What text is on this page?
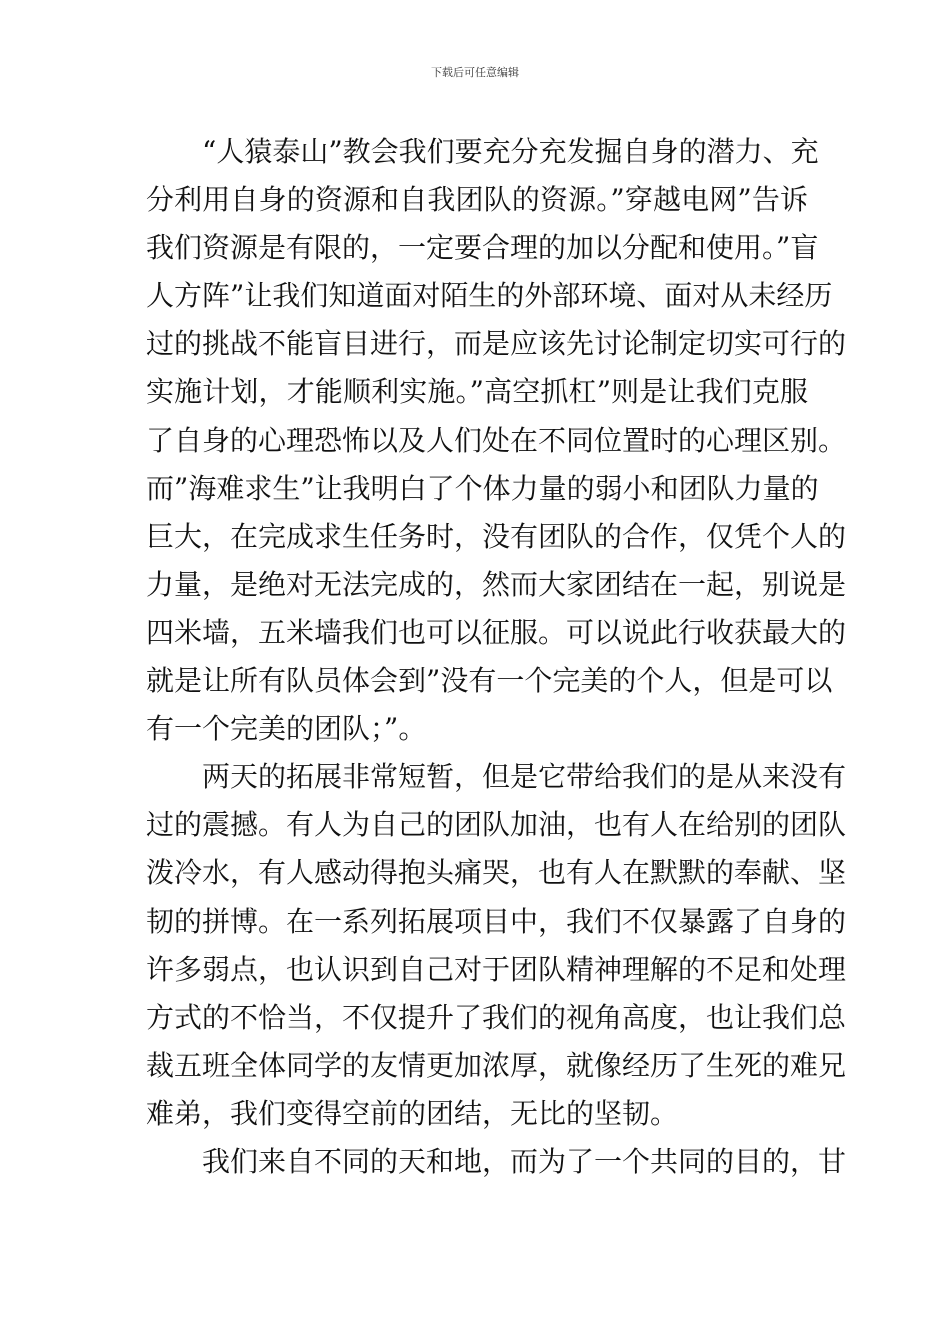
下载后可任意编辑
“人猿泰山”教会我们要充分充发掘自身的潜力、充
分利用自身的资源和自我团队的资源。”穿越电网”告诉
我们资源是有限的，一定要合理的加以分配和使用。”盲
人方阵”让我们知道面对陌生的外部环境、面对从未经历
过的挑战不能盲目进行，而是应该先讨论制定切实可行的
实施计划，才能顺利实施。”高空抓杠”则是让我们克服
了自身的心理恐怖以及人们处在不同位置时的心理区别。
而”海难求生”让我明白了个体力量的弱小和团队力量的
巨大，在完成求生任务时，没有团队的合作，仅凭个人的
力量，是绝对无法完成的，然而大家团结在一起，别说是
四米墙，五米墙我们也可以征服。可以说此行收获最大的
就是让所有队员体会到”没有一个完美的个人，但是可以
有一个完美的团队；”。
两天的拓展非常短暂，但是它带给我们的是从来没有
过的震撼。有人为自己的团队加油，也有人在给别的团队
泼冷水，有人感动得抱头痛哭，也有人在默默的奉献、坚
韧的拼博。在一系列拓展项目中，我们不仅暴露了自身的
许多弱点，也认识到自己对于团队精神理解的不足和处理
方式的不恰当，不仅提升了我们的视角高度，也让我们总
裁五班全体同学的友情更加浓厚，就像经历了生死的难兄
难弟，我们变得空前的团结，无比的坚韧。
我们来自不同的天和地，而为了一个共同的目的，甘
